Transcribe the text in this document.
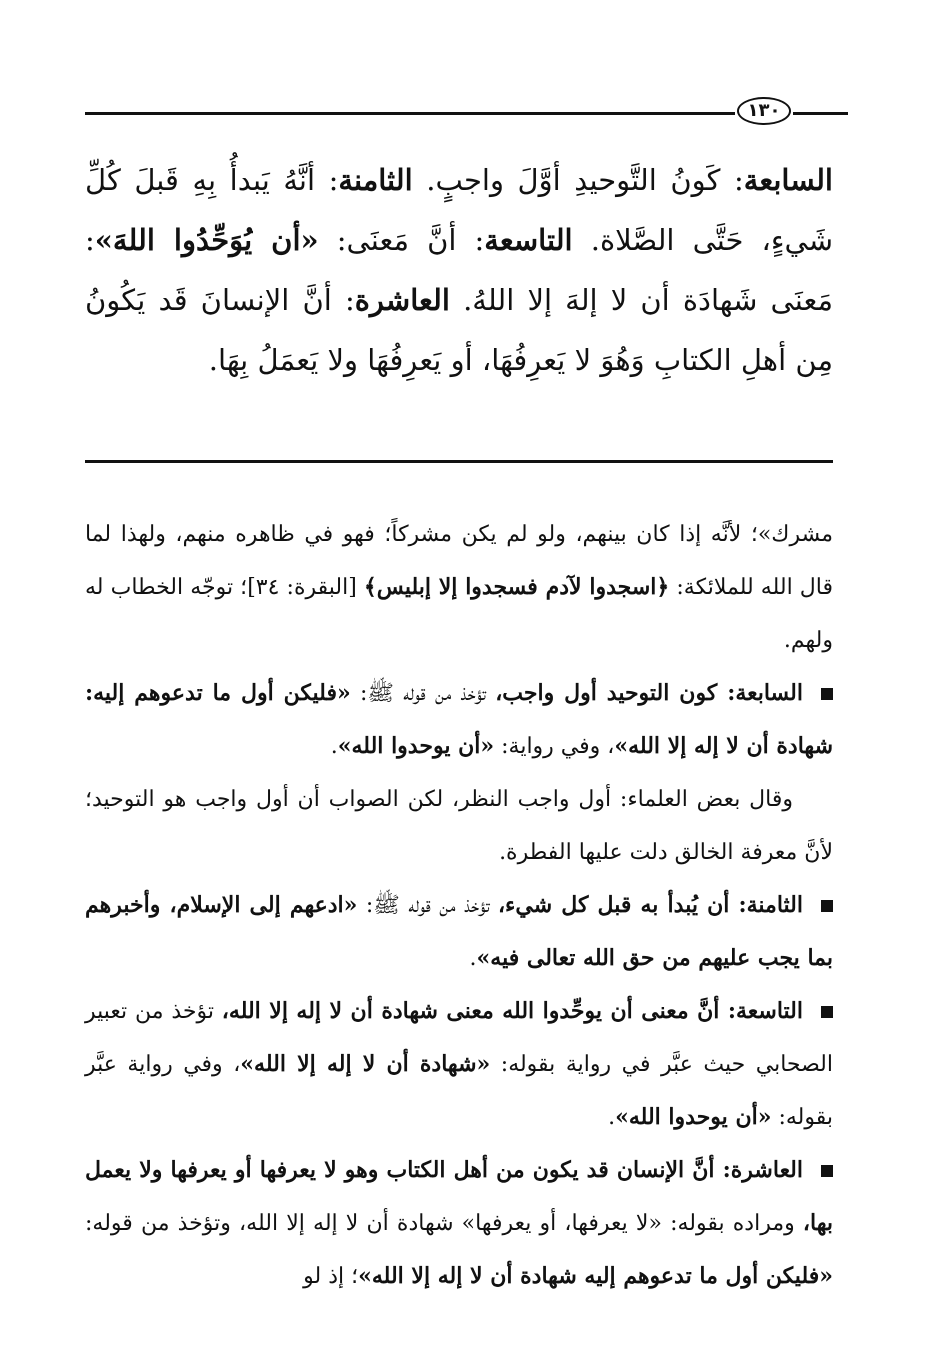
١٣٠
السابعة: كَونُ التَّوحيدِ أوَّلَ واجبٍ. الثامنة: أنَّهُ يَبدأُ بِهِ قَبلَ كُلِّ شَيءٍ، حَتَّى الصَّلاة. التاسعة: أنَّ مَعنَى: «أن يُوَحِّدُوا اللهَ»: مَعنَى شَهادَة أن لا إلهَ إلا اللهُ. العاشرة: أنَّ الإنسانَ قَد يَكُونُ مِن أهلِ الكتابِ وَهُوَ لا يَعرِفُهَا، أو يَعرِفُهَا ولا يَعمَلُ بِهَا.

مشرك»؛ لأنَّه إذا كان بينهم، ولو لم يكن مشركاً؛ فهو في ظاهره منهم، ولهذا لما قال الله للملائكة: ﴿اسجدوا لآدم فسجدوا إلا إبليس﴾ [البقرة: ٣٤]؛ توجّه الخطاب له ولهم.

السابعة: كون التوحيد أول واجب، تؤخذ من قوله ﷺ: «فليكن أول ما تدعوهم إليه: شهادة أن لا إله إلا الله»، وفي رواية: «أن يوحدوا الله».

وقال بعض العلماء: أول واجب النظر، لكن الصواب أن أول واجب هو التوحيد؛ لأنَّ معرفة الخالق دلت عليها الفطرة.

الثامنة: أن يُبدأ به قبل كل شيء، تؤخذ من قوله ﷺ: «ادعهم إلى الإسلام، وأخبرهم بما يجب عليهم من حق الله تعالى فيه».

التاسعة: أنَّ معنى أن يوحِّدوا الله معنى شهادة أن لا إله إلا الله، تؤخذ من تعبير الصحابي حيث عبَّر في رواية بقوله: «شهادة أن لا إله إلا الله»، وفي رواية عبَّر بقوله: «أن يوحدوا الله».

العاشرة: أنَّ الإنسان قد يكون من أهل الكتاب وهو لا يعرفها أو يعرفها ولا يعمل بها، ومراده بقوله: «لا يعرفها، أو يعرفها» شهادة أن لا إله إلا الله، وتؤخذ من قوله: «فليكن أول ما تدعوهم إليه شهادة أن لا إله إلا الله»؛ إذ لو
